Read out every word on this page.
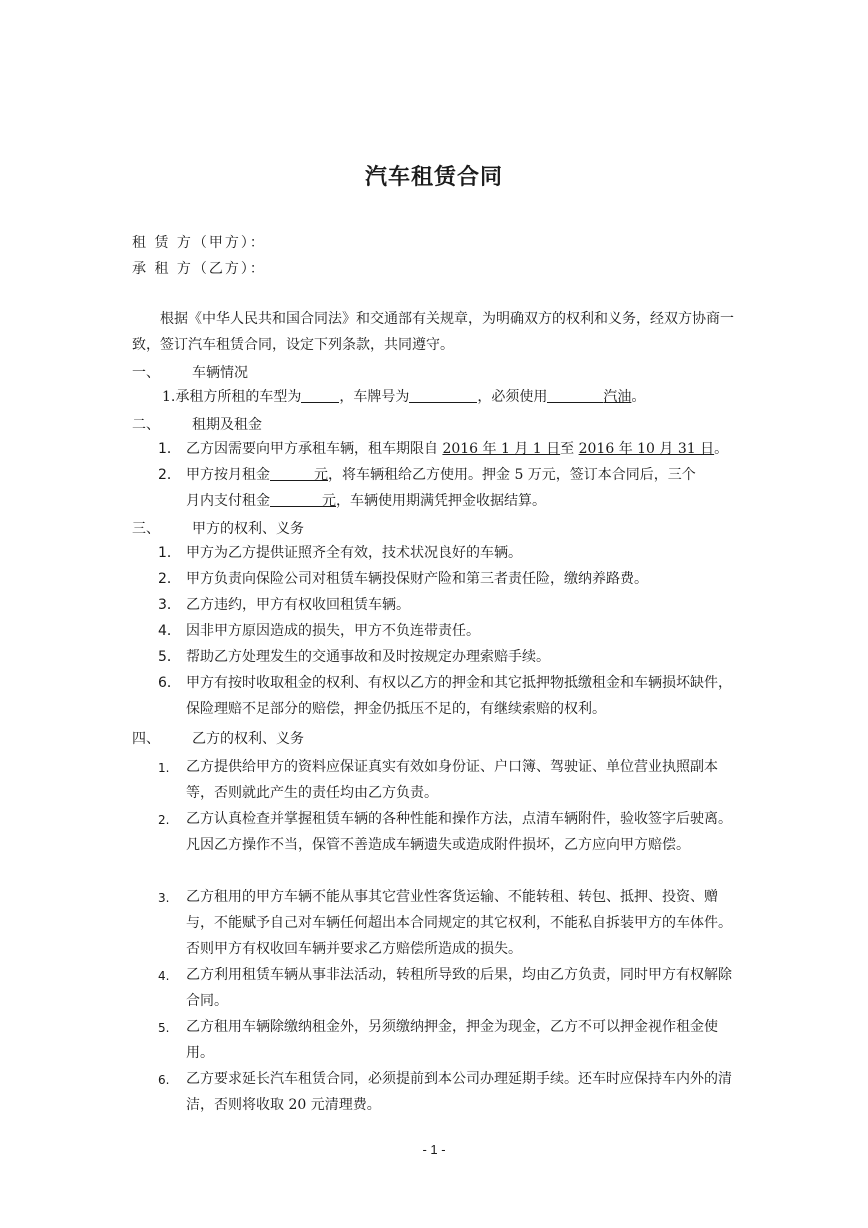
汽车租赁合同
租 赁 方（甲方）：
承 租 方（乙方）：
根据《中华人民共和国合同法》和交通部有关规章，为明确双方的权利和义务，经双方协商一致，签订汽车租赁合同，设定下列条款，共同遵守。
一、 车辆情况
1.承租方所租的车型为	，车牌号为	，必须使用	汽油。
二、 租期及租金
1． 乙方因需要向甲方承租车辆，租车期限自 2016 年 1 月 1 日至 2016 年 10 月 31 日。
2． 甲方按月租金	元，将车辆租给乙方使用。押金 5 万元，签订本合同后，三个
月内支付租金	元，车辆使用期满凭押金收据结算。
三、 甲方的权利、义务
1． 甲方为乙方提供证照齐全有效，技术状况良好的车辆。
2． 甲方负责向保险公司对租赁车辆投保财产险和第三者责任险，缴纳养路费。
3． 乙方违约，甲方有权收回租赁车辆。
4． 因非甲方原因造成的损失，甲方不负连带责任。
5． 帮助乙方处理发生的交通事故和及时按规定办理索赔手续。
6． 甲方有按时收取租金的权利、有权以乙方的押金和其它抵押物抵缴租金和车辆损坏缺件，保险理赔不足部分的赔偿，押金仍抵压不足的，有继续索赔的权利。
四、 乙方的权利、义务
1. 乙方提供给甲方的资料应保证真实有效如身份证、户口簿、驾驶证、单位营业执照副本等，否则就此产生的责任均由乙方负责。
2. 乙方认真检查并掌握租赁车辆的各种性能和操作方法，点清车辆附件，验收签字后驶离。凡因乙方操作不当，保管不善造成车辆遗失或造成附件损坏，乙方应向甲方赔偿。
3. 乙方租用的甲方车辆不能从事其它营业性客货运输、不能转租、转包、抵押、投资、赠与，不能赋予自己对车辆任何超出本合同规定的其它权利，不能私自拆装甲方的车体件。否则甲方有权收回车辆并要求乙方赔偿所造成的损失。
4. 乙方利用租赁车辆从事非法活动，转租所导致的后果，均由乙方负责，同时甲方有权解除合同。
5. 乙方租用车辆除缴纳租金外，另须缴纳押金，押金为现金，乙方不可以押金视作租金使用。
6. 乙方要求延长汽车租赁合同，必须提前到本公司办理延期手续。还车时应保持车内外的清洁，否则将收取 20 元清理费。
- 1 -
